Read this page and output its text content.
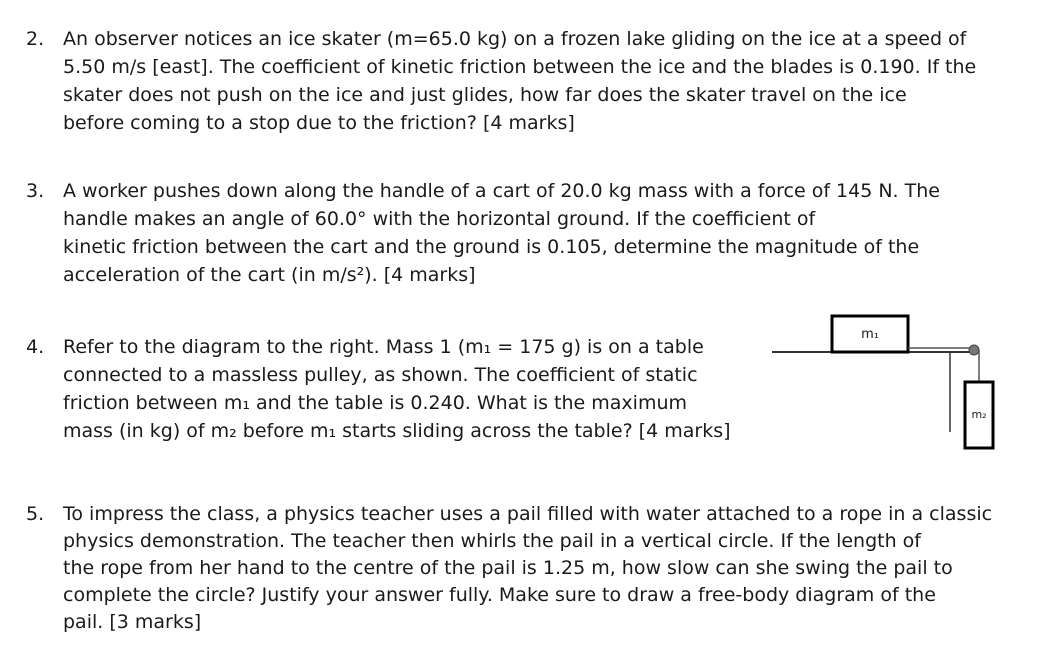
2. An observer notices an ice skater (m=65.0 kg) on a frozen lake gliding on the ice at a speed of
5.50 m/s [east]. The coefficient of kinetic friction between the ice and the blades is 0.190. If the
skater does not push on the ice and just glides, how far does the skater travel on the ice
before coming to a stop due to the friction? [4 marks]
3. A worker pushes down along the handle of a cart of 20.0 kg mass with a force of 145 N. The
handle makes an angle of 60.0° with the horizontal ground. If the coefficient of
kinetic friction between the cart and the ground is 0.105, determine the magnitude of the
acceleration of the cart (in m/s²). [4 marks]
4. Refer to the diagram to the right. Mass 1 (m₁ = 175 g) is on a table
connected to a massless pulley, as shown. The coefficient of static
friction between m₁ and the table is 0.240. What is the maximum
mass (in kg) of m₂ before m₁ starts sliding across the table? [4 marks]
m₁
m₂
5. To impress the class, a physics teacher uses a pail filled with water attached to a rope in a classic
physics demonstration. The teacher then whirls the pail in a vertical circle. If the length of
the rope from her hand to the centre of the pail is 1.25 m, how slow can she swing the pail to
complete the circle? Justify your answer fully. Make sure to draw a free-body diagram of the
pail. [3 marks]
